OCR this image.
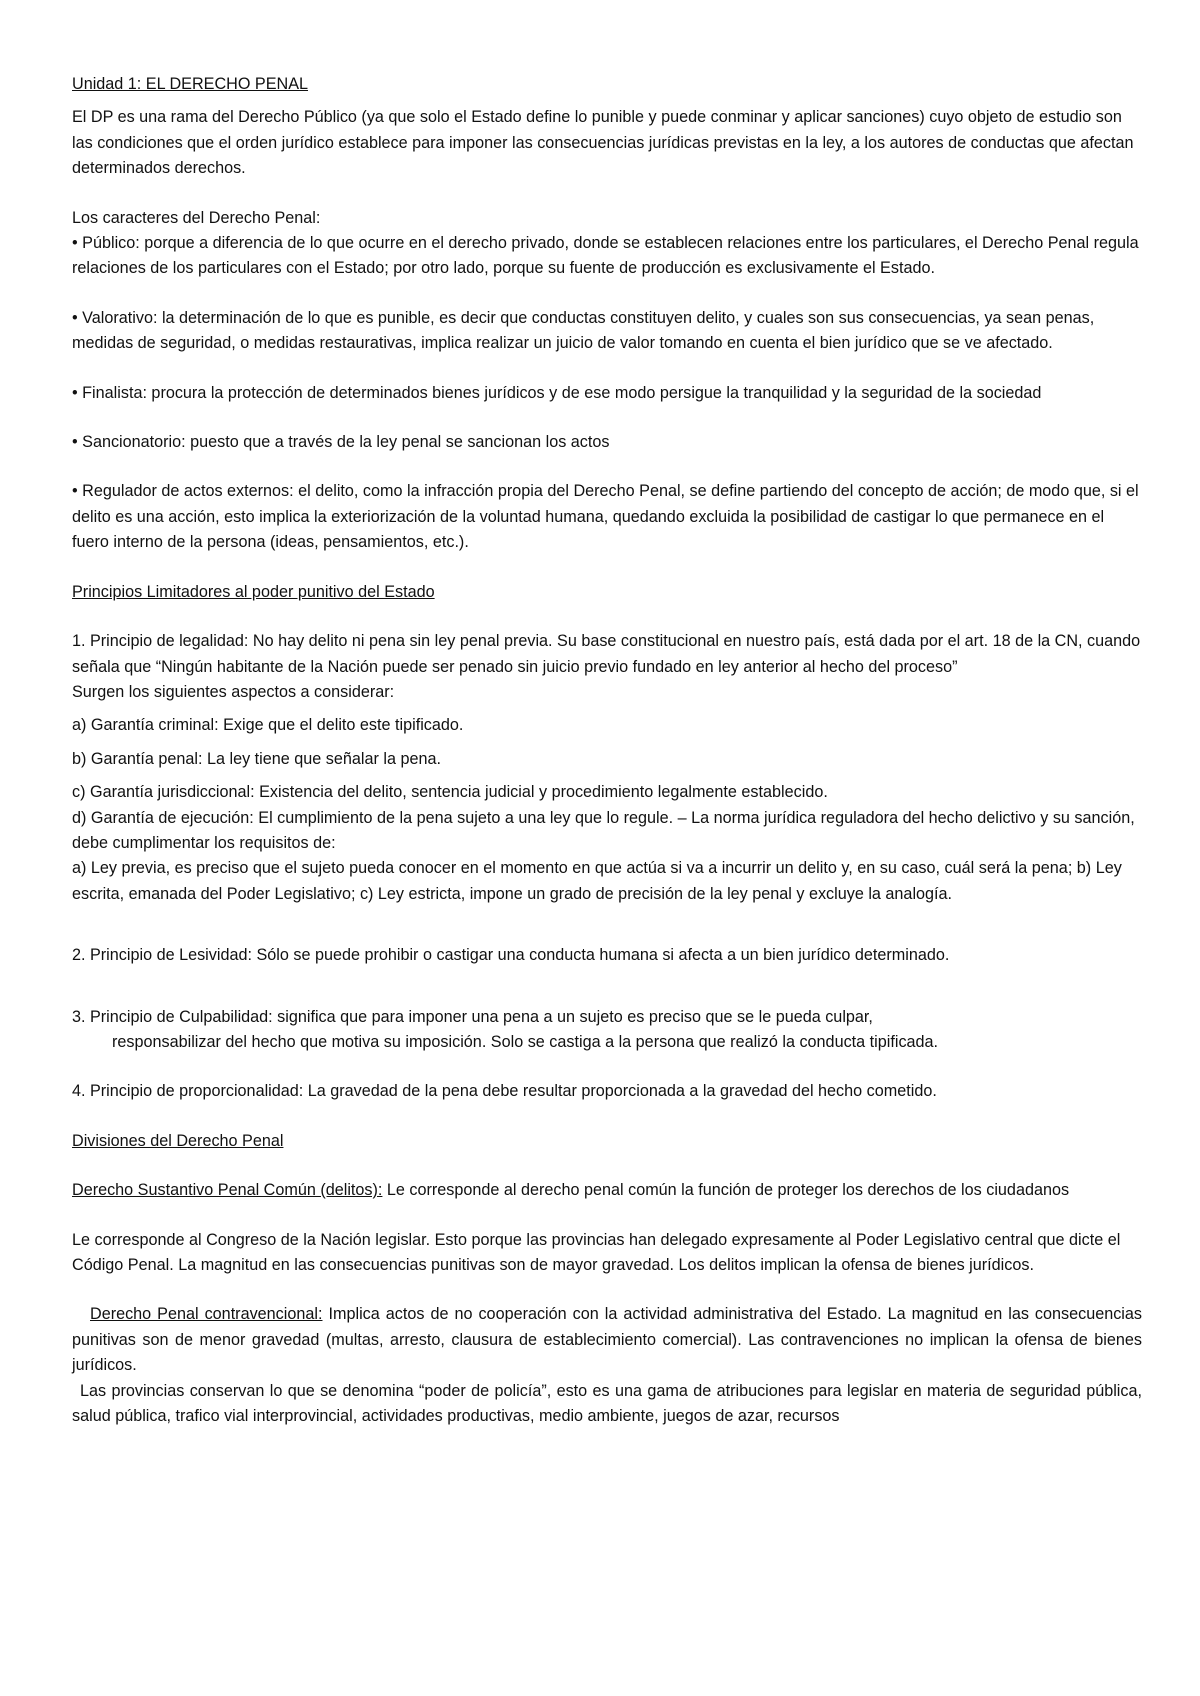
Unidad 1: EL DERECHO PENAL

El DP es una rama del Derecho Público (ya que solo el Estado define lo punible y puede conminar y aplicar sanciones) cuyo objeto de estudio son las condiciones que el orden jurídico establece para imponer las consecuencias jurídicas previstas en la ley, a los autores de conductas que afectan determinados derechos.

Los caracteres del Derecho Penal:

• Público: porque a diferencia de lo que ocurre en el derecho privado, donde se establecen relaciones entre los particulares, el Derecho Penal regula relaciones de los particulares con el Estado; por otro lado, porque su fuente de producción es exclusivamente el Estado.

• Valorativo: la determinación de lo que es punible, es decir que conductas constituyen delito, y cuales son sus consecuencias, ya sean penas, medidas de seguridad, o medidas restaurativas, implica realizar un juicio de valor tomando en cuenta el bien jurídico que se ve afectado.

• Finalista: procura la protección de determinados bienes jurídicos y de ese modo persigue la tranquilidad y la seguridad de la sociedad

• Sancionatorio: puesto que a través de la ley penal se sancionan los actos

• Regulador de actos externos: el delito, como la infracción propia del Derecho Penal, se define partiendo del concepto de acción; de modo que, si el delito es una acción, esto implica la exteriorización de la voluntad humana, quedando excluida la posibilidad de castigar lo que permanece en el fuero interno de la persona (ideas, pensamientos, etc.).

Principios Limitadores al poder punitivo del Estado

1. Principio de legalidad: No hay delito ni pena sin ley penal previa. Su base constitucional en nuestro país, está dada por el art. 18 de la CN, cuando señala que “Ningún habitante de la Nación puede ser penado sin juicio previo fundado en ley anterior al hecho del proceso”

Surgen los siguientes aspectos a considerar:

a) Garantía criminal: Exige que el delito este tipificado.

b) Garantía penal: La ley tiene que señalar la pena.

c) Garantía jurisdiccional: Existencia del delito, sentencia judicial y procedimiento legalmente establecido.

d) Garantía de ejecución: El cumplimiento de la pena sujeto a una ley que lo regule. – La norma jurídica reguladora del hecho delictivo y su sanción, debe cumplimentar los requisitos de:

a) Ley previa, es preciso que el sujeto pueda conocer en el momento en que actúa si va a incurrir un delito y, en su caso, cuál será la pena; b) Ley escrita, emanada del Poder Legislativo; c) Ley estricta, impone un grado de precisión de la ley penal y excluye la analogía.

2. Principio de Lesividad: Sólo se puede prohibir o castigar una conducta humana si afecta a un bien jurídico determinado.

3. Principio de Culpabilidad: significa que para imponer una pena a un sujeto es preciso que se le pueda culpar,
responsabilizar del hecho que motiva su imposición. Solo se castiga a la persona que realizó la conducta tipificada.

4. Principio de proporcionalidad: La gravedad de la pena debe resultar proporcionada a la gravedad del hecho cometido.

Divisiones del Derecho Penal

Derecho Sustantivo Penal Común (delitos): Le corresponde al derecho penal común la función de proteger los derechos de los ciudadanos

Le corresponde al Congreso de la Nación legislar. Esto porque las provincias han delegado expresamente al Poder Legislativo central que dicte el Código Penal. La magnitud en las consecuencias punitivas son de mayor gravedad. Los delitos implican la ofensa de bienes jurídicos.

Derecho Penal contravencional: Implica actos de no cooperación con la actividad administrativa del Estado. La magnitud en las consecuencias punitivas son de menor gravedad (multas, arresto, clausura de establecimiento comercial). Las contravenciones no implican la ofensa de bienes jurídicos.

Las provincias conservan lo que se denomina “poder de policía”, esto es una gama de atribuciones para legislar en materia de seguridad pública, salud pública, trafico vial interprovincial, actividades productivas, medio ambiente, juegos de azar, recursos
